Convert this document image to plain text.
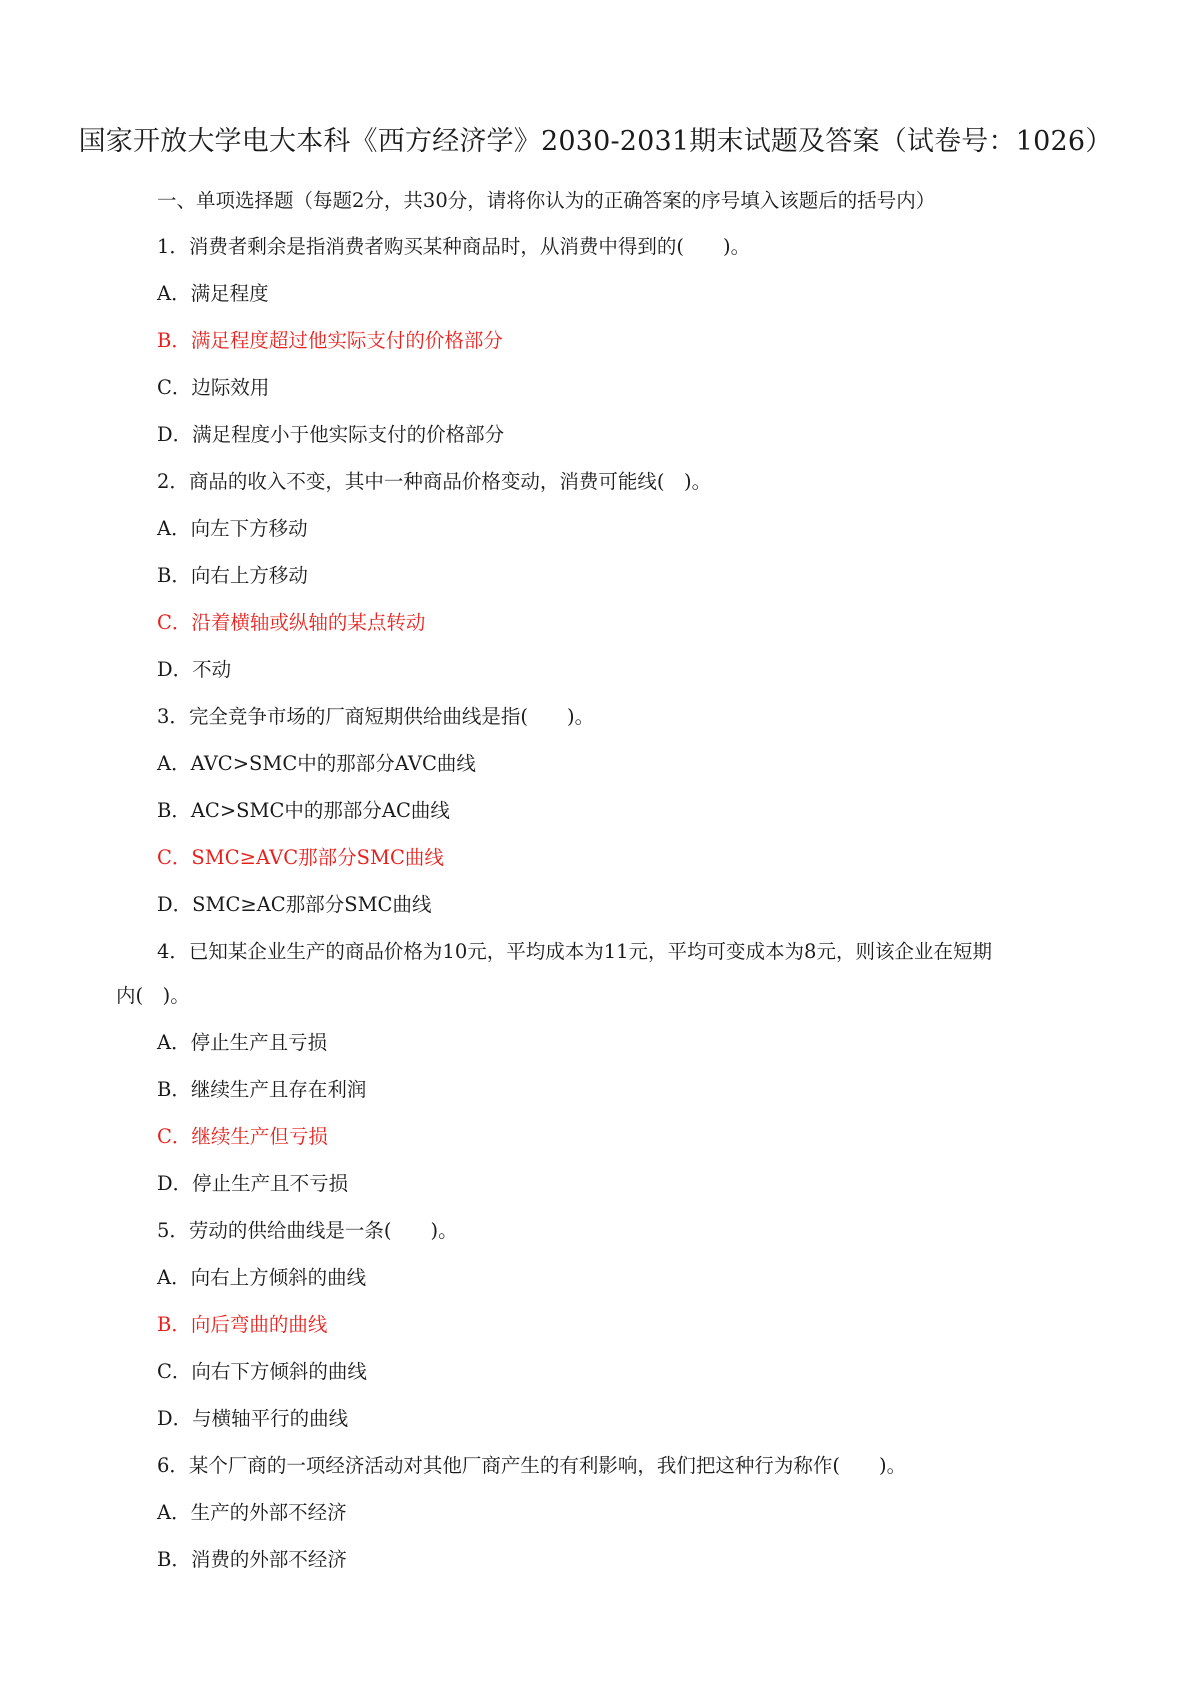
国家开放大学电大本科《西方经济学》2030-2031期末试题及答案（试卷号：1026）
一、单项选择题（每题2分，共30分，请将你认为的正确答案的序号填入该题后的括号内）
1．消费者剩余是指消费者购买某种商品时，从消费中得到的(　　)。
A．满足程度
B．满足程度超过他实际支付的价格部分
C．边际效用
D．满足程度小于他实际支付的价格部分
2．商品的收入不变，其中一种商品价格变动，消费可能线(　)。
A．向左下方移动
B．向右上方移动
C．沿着横轴或纵轴的某点转动
D．不动
3．完全竞争市场的厂商短期供给曲线是指(　　)。
A．AVC>SMC中的那部分AVC曲线
B．AC>SMC中的那部分AC曲线
C．SMC≥AVC那部分SMC曲线
D．SMC≥AC那部分SMC曲线
4．已知某企业生产的商品价格为10元，平均成本为11元，平均可变成本为8元，则该企业在短期
内(　)。
A．停止生产且亏损
B．继续生产且存在利润
C．继续生产但亏损
D．停止生产且不亏损
5．劳动的供给曲线是一条(　　)。
A．向右上方倾斜的曲线
B．向后弯曲的曲线
C．向右下方倾斜的曲线
D．与横轴平行的曲线
6．某个厂商的一项经济活动对其他厂商产生的有利影响，我们把这种行为称作(　　)。
A．生产的外部不经济
B．消费的外部不经济
